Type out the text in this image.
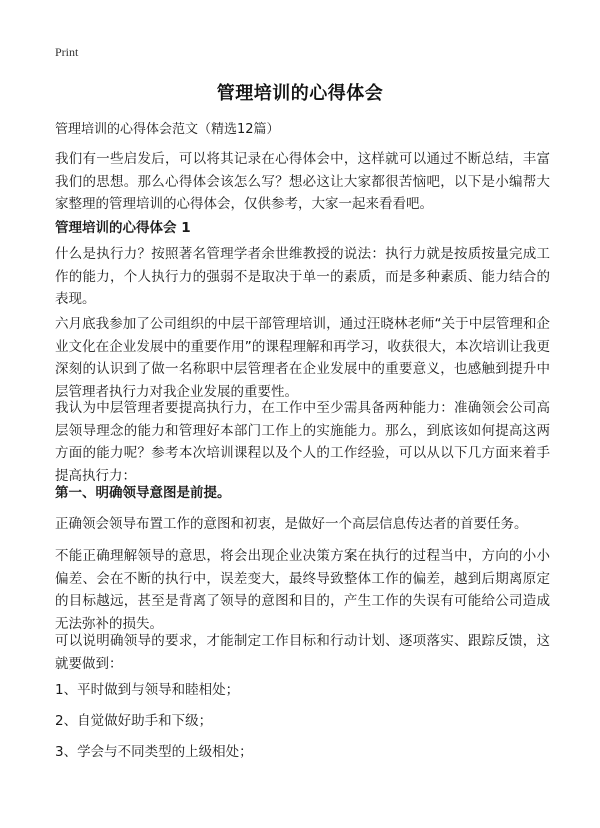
Print
管理培训的心得体会

管理培训的心得体会范文（精选12篇）

我们有一些启发后，可以将其记录在心得体会中，这样就可以通过不断总结，丰富我们的思想。那么心得体会该怎么写？想必这让大家都很苦恼吧，以下是小编帮大家整理的管理培训的心得体会，仅供参考，大家一起来看看吧。

管理培训的心得体会 1

什么是执行力？按照著名管理学者余世维教授的说法：执行力就是按质按量完成工作的能力，个人执行力的强弱不是取决于单一的素质，而是多种素质、能力结合的表现。

六月底我参加了公司组织的中层干部管理培训，通过汪晓林老师“关于中层管理和企业文化在企业发展中的重要作用”的课程理解和再学习，收获很大，本次培训让我更深刻的认识到了做一名称职中层管理者在企业发展中的重要意义，也感触到提升中层管理者执行力对我企业发展的重要性。

我认为中层管理者要提高执行力，在工作中至少需具备两种能力：准确领会公司高层领导理念的能力和管理好本部门工作上的实施能力。那么，到底该如何提高这两方面的能力呢？参考本次培训课程以及个人的工作经验，可以从以下几方面来着手提高执行力：

第一、明确领导意图是前提。

正确领会领导布置工作的意图和初衷，是做好一个高层信息传达者的首要任务。

不能正确理解领导的意思，将会出现企业决策方案在执行的过程当中，方向的小小偏差、会在不断的执行中，误差变大，最终导致整体工作的偏差，越到后期离原定的目标越远，甚至是背离了领导的意图和目的，产生工作的失误有可能给公司造成无法弥补的损失。

可以说明确领导的要求，才能制定工作目标和行动计划、逐项落实、跟踪反馈，这就要做到：

1、平时做到与领导和睦相处；

2、自觉做好助手和下级；

3、学会与不同类型的上级相处；
